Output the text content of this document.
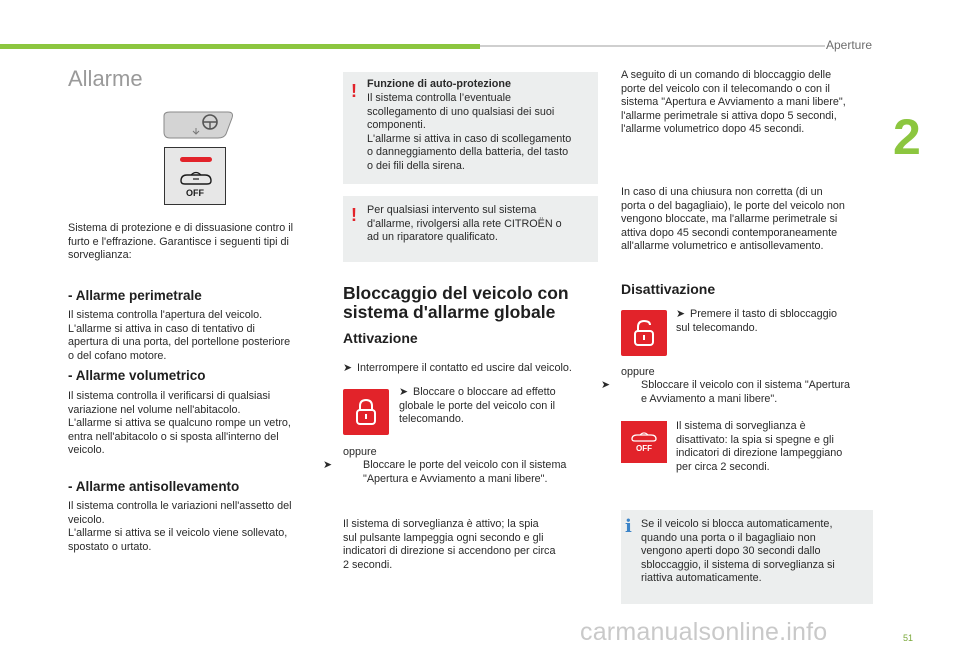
Aperture
2
Allarme
OFF
Sistema di protezione e di dissuasione contro il
furto e l'effrazione. Garantisce i seguenti tipi di
sorveglianza:
- Allarme perimetrale
Il sistema controlla l'apertura del veicolo.
L'allarme si attiva in caso di tentativo di
apertura di una porta, del portellone posteriore
o del cofano motore.
- Allarme volumetrico
Il sistema controlla il verificarsi di qualsiasi
variazione nel volume nell'abitacolo.
L'allarme si attiva se qualcuno rompe un vetro,
entra nell'abitacolo o si sposta all'interno del
veicolo.
- Allarme antisollevamento
Il sistema controlla le variazioni nell'assetto del
veicolo.
L'allarme si attiva se il veicolo viene sollevato,
spostato o urtato.
! Funzione di auto-protezione
Il sistema controlla l’eventuale
scollegamento di uno qualsiasi dei suoi
componenti.
L'allarme si attiva in caso di scollegamento
o danneggiamento della batteria, del tasto
o dei fili della sirena.
! Per qualsiasi intervento sul sistema
d'allarme, rivolgersi alla rete CITROËN o
ad un riparatore qualificato.
Bloccaggio del veicolo con
sistema d'allarme globale
Attivazione
➤ Interrompere il contatto ed uscire dal veicolo.
➤ Bloccare o bloccare ad effetto
globale le porte del veicolo con il
telecomando.
oppure
➤	Bloccare le porte del veicolo con il sistema
"Apertura e Avviamento a mani libere".
Il sistema di sorveglianza è attivo; la spia
sul pulsante lampeggia ogni secondo e gli
indicatori di direzione si accendono per circa
2 secondi.
A seguito di un comando di bloccaggio delle
porte del veicolo con il telecomando o con il
sistema "Apertura e Avviamento a mani libere",
l'allarme perimetrale si attiva dopo 5 secondi,
l'allarme volumetrico dopo 45 secondi.
In caso di una chiusura non corretta (di un
porta o del bagagliaio), le porte del veicolo non
vengono bloccate, ma l'allarme perimetrale si
attiva dopo 45 secondi contemporaneamente
all'allarme volumetrico e antisollevamento.
Disattivazione
➤ Premere il tasto di sbloccaggio
sul telecomando.
oppure
➤	Sbloccare il veicolo con il sistema "Apertura
e Avviamento a mani libere".
OFF
Il sistema di sorveglianza è
disattivato: la spia si spegne e gli
indicatori di direzione lampeggiano
per circa 2 secondi.
i Se il veicolo si blocca automaticamente,
quando una porta o il bagagliaio non
vengono aperti dopo 30 secondi dallo
sbloccaggio, il sistema di sorveglianza si
riattiva automaticamente.
51
carmanualsonline.info
